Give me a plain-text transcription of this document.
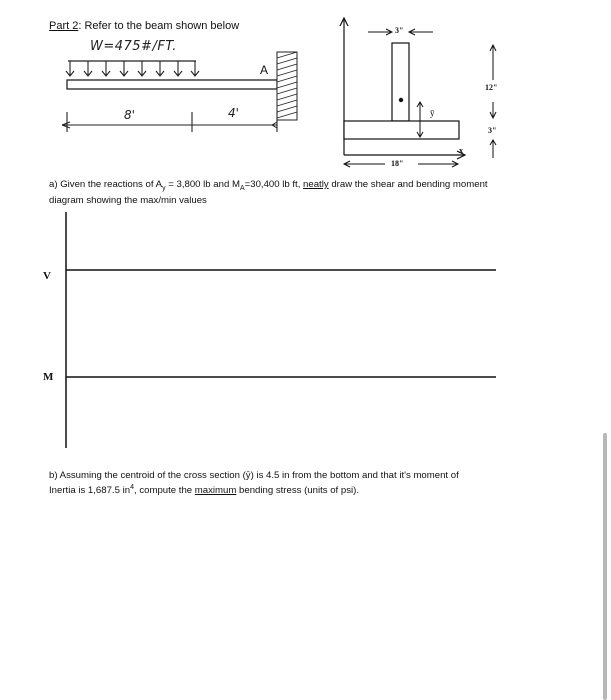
Part 2: Refer to the beam shown below
W=475#/FT.
A
8'	4'
3"
12"
3"
18"
ȳ
x
a) Given the reactions of $A_y = 3,800$ lb and $M_A=30,400$ lb ft, neatly draw the shear and bending moment
diagram showing the max/min values
V
M
b) Assuming the centroid of the cross section (ȳ) is 4.5 in from the bottom and that it's moment of
Inertia is 1,687.5 $in^4$, compute the maximum bending stress (units of psi).
